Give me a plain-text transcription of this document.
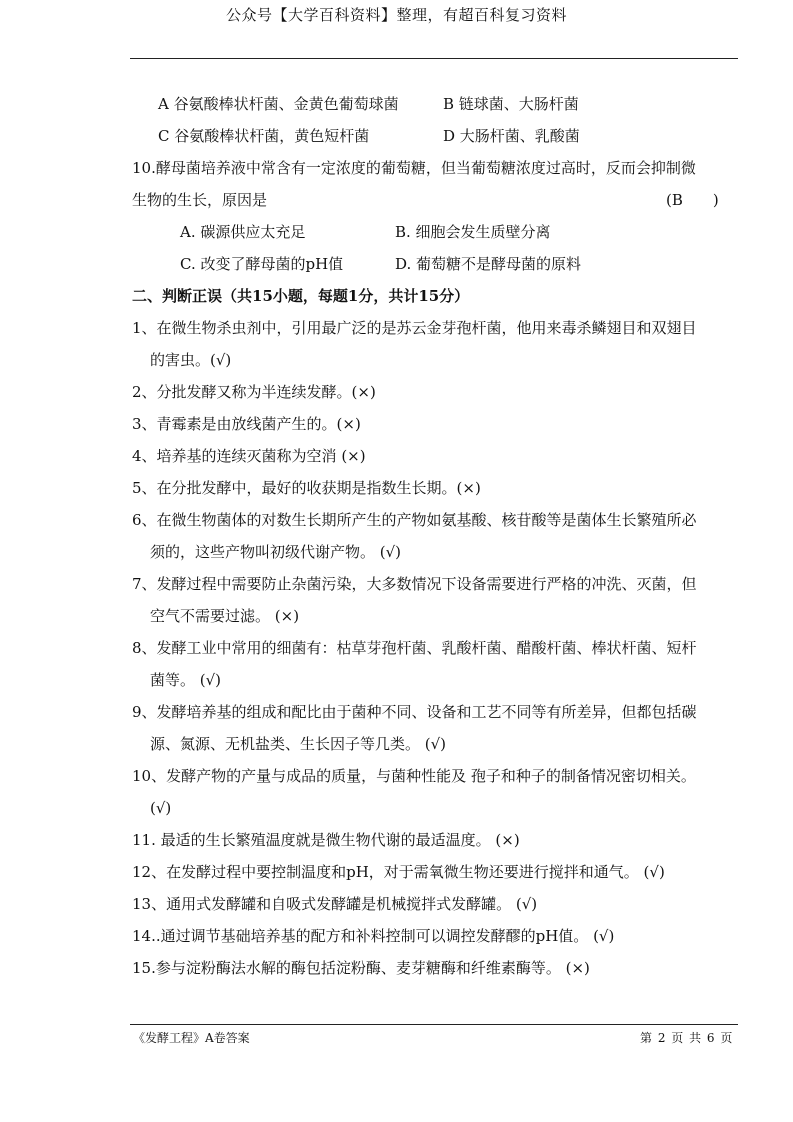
公众号【大学百科资料】整理，有超百科复习资料
A 谷氨酸棒状杆菌、金黄色葡萄球菌	B 链球菌、大肠杆菌
C 谷氨酸棒状杆菌，黄色短杆菌	D 大肠杆菌、乳酸菌
10.酵母菌培养液中常含有一定浓度的葡萄糖，但当葡萄糖浓度过高时，反而会抑制微
生物的生长，原因是	(B　　)
A. 碳源供应太充足	B. 细胞会发生质壁分离
C. 改变了酵母菌的pH值	D. 葡萄糖不是酵母菌的原料
二、判断正误（共15小题，每题1分，共计15分）
1、在微生物杀虫剂中，引用最广泛的是苏云金芽孢杆菌，他用来毒杀鳞翅目和双翅目
的害虫。(√)
2、分批发酵又称为半连续发酵。(×)
3、青霉素是由放线菌产生的。(×)
4、培养基的连续灭菌称为空消 (×)
5、在分批发酵中，最好的收获期是指数生长期。(×)
6、在微生物菌体的对数生长期所产生的产物如氨基酸、核苷酸等是菌体生长繁殖所必
须的，这些产物叫初级代谢产物。 (√)
7、发酵过程中需要防止杂菌污染，大多数情况下设备需要进行严格的冲洗、灭菌，但
空气不需要过滤。 (×)
8、发酵工业中常用的细菌有：枯草芽孢杆菌、乳酸杆菌、醋酸杆菌、棒状杆菌、短杆
菌等。 (√)
9、发酵培养基的组成和配比由于菌种不同、设备和工艺不同等有所差异，但都包括碳
源、氮源、无机盐类、生长因子等几类。 (√)
10、发酵产物的产量与成品的质量，与菌种性能及 孢子和种子的制备情况密切相关。
(√)
11. 最适的生长繁殖温度就是微生物代谢的最适温度。 (×)
12、在发酵过程中要控制温度和pH，对于需氧微生物还要进行搅拌和通气。 (√)
13、通用式发酵罐和自吸式发酵罐是机械搅拌式发酵罐。 (√)
14..通过调节基础培养基的配方和补料控制可以调控发酵醪的pH值。 (√)
15.参与淀粉酶法水解的酶包括淀粉酶、麦芽糖酶和纤维素酶等。 (×)
《发酵工程》A卷答案	第 2 页 共 6 页
